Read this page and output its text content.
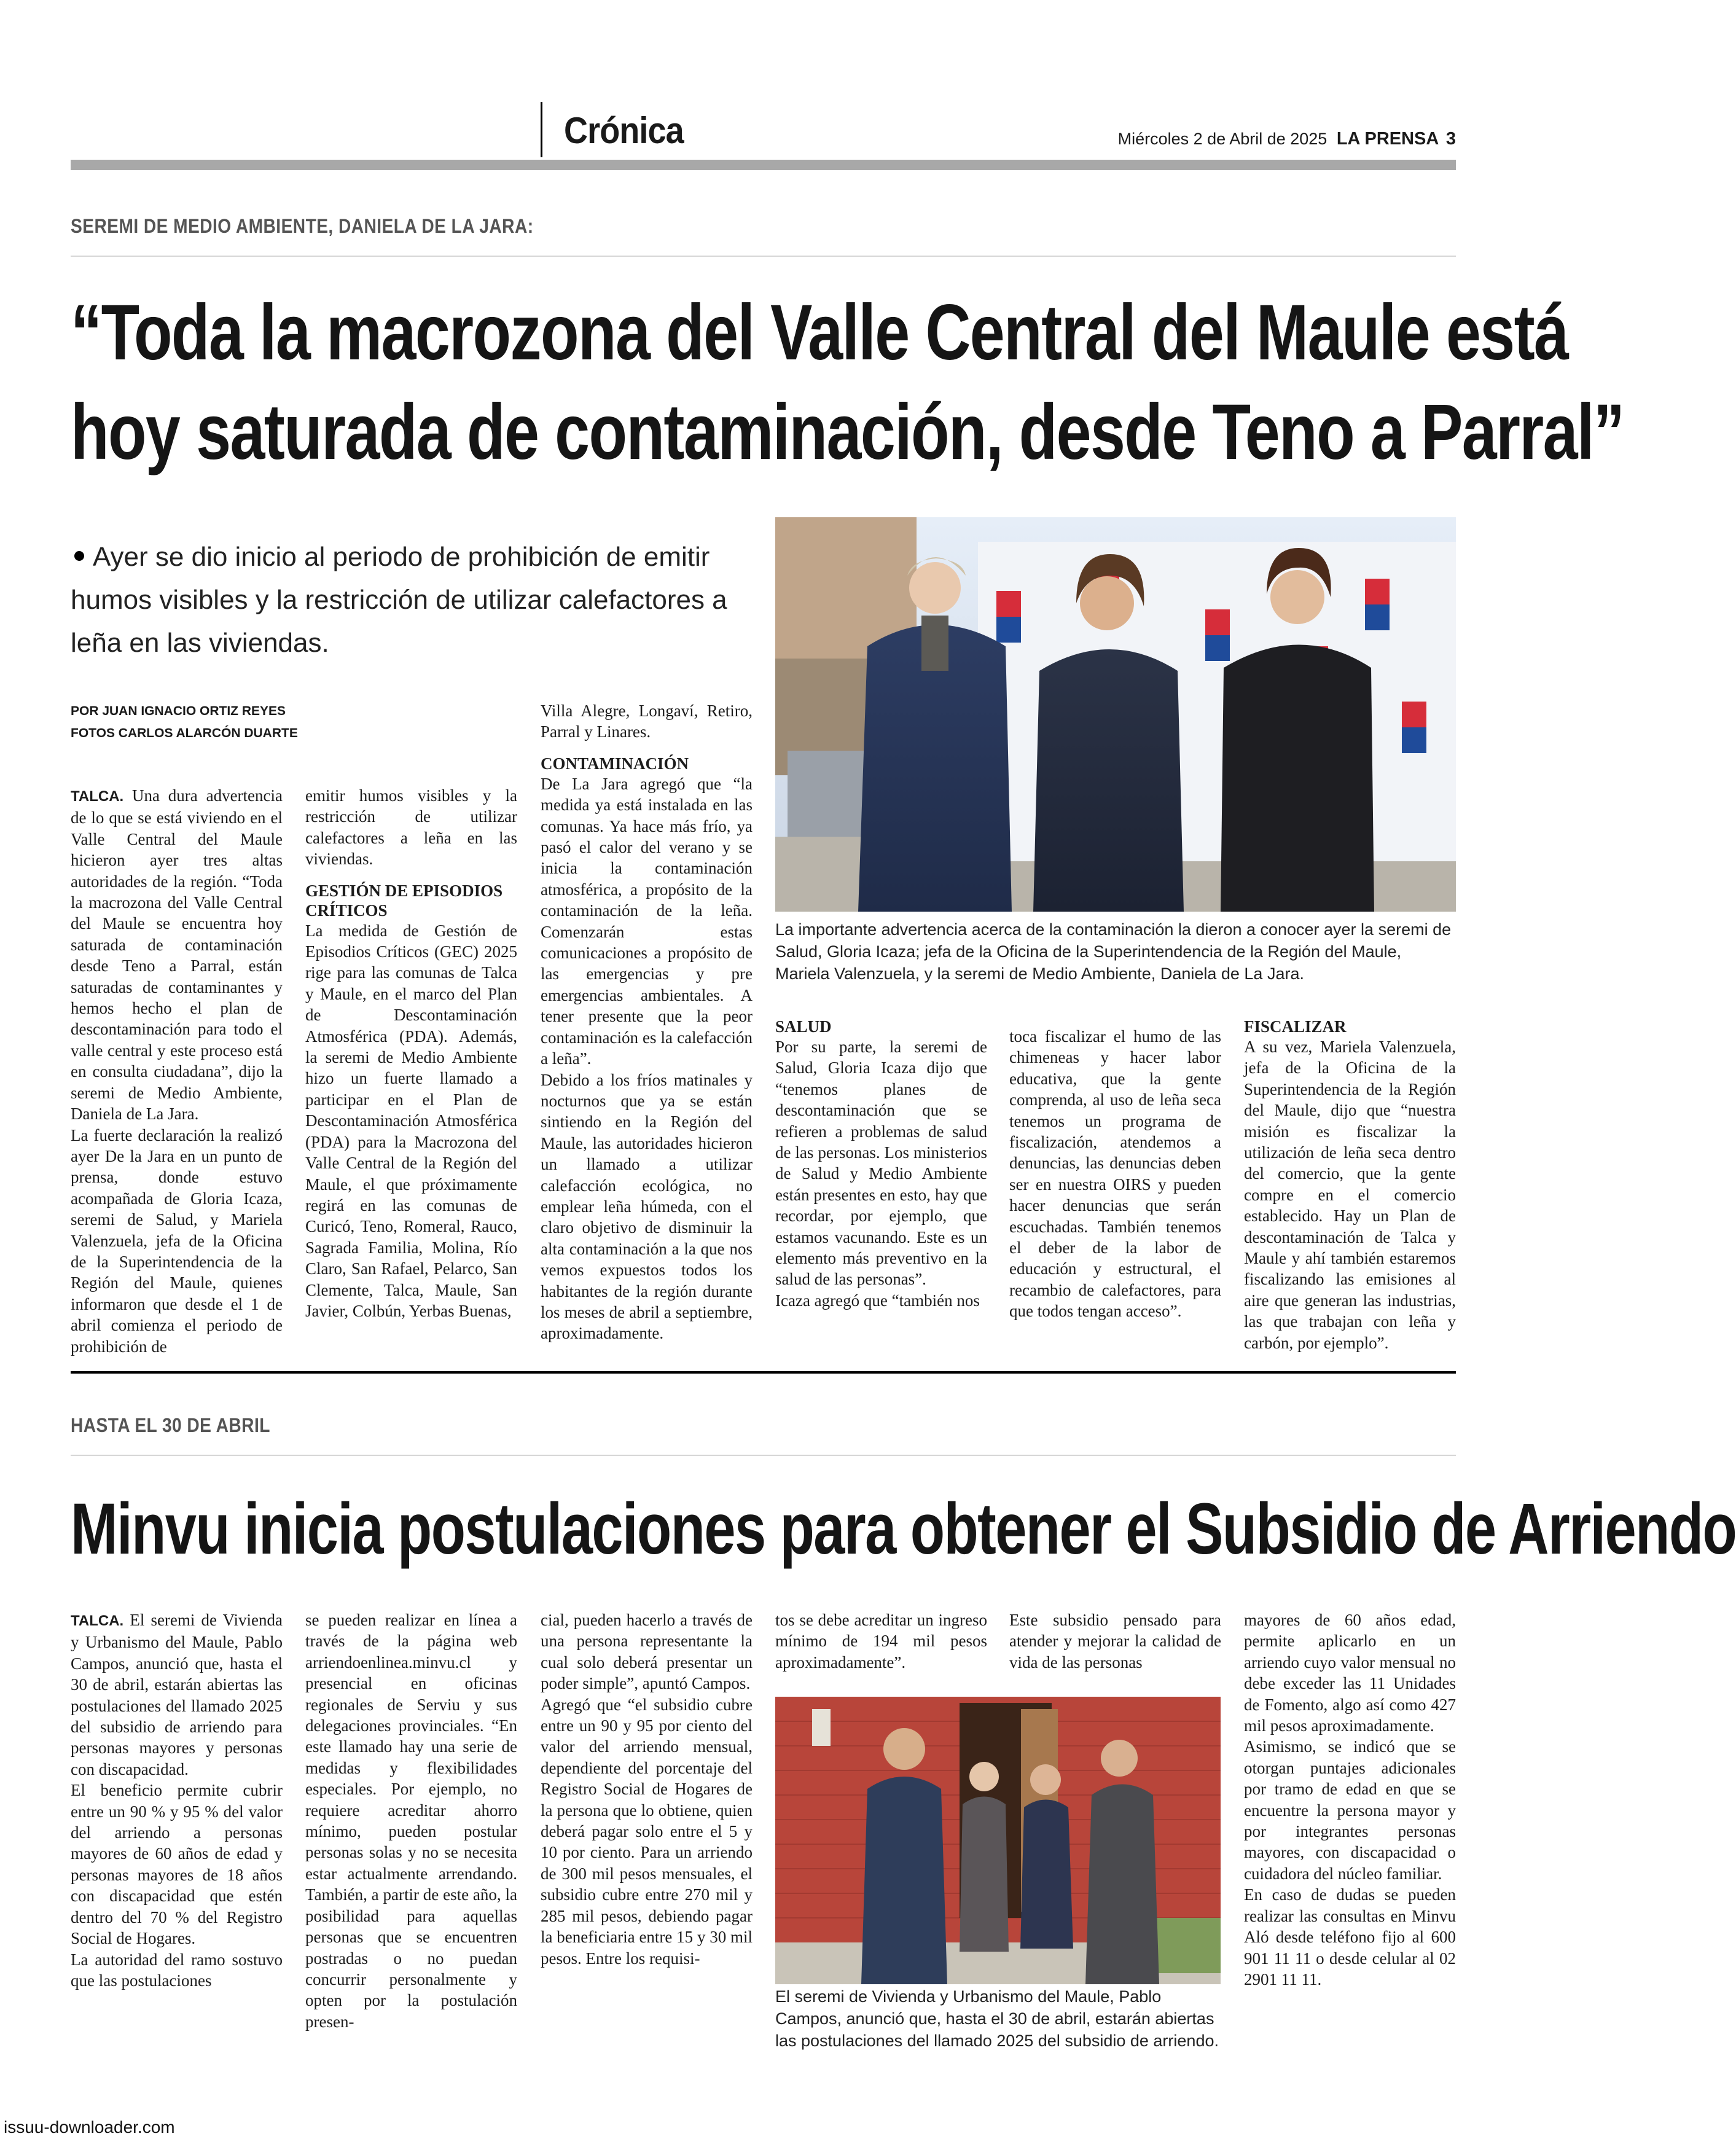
Crónica	Miércoles 2 de Abril de 2025 LA PRENSA 3
SEREMI DE MEDIO AMBIENTE, DANIELA DE LA JARA:
“Toda la macrozona del Valle Central del Maule está
hoy saturada de contaminación, desde Teno a Parral”
Ayer se dio inicio al periodo de prohibición de emitir humos visibles y la restricción de utilizar calefactores a leña en las viviendas.
POR JUAN IGNACIO ORTIZ REYES
FOTOS CARLOS ALARCÓN DUARTE
La importante advertencia acerca de la contaminación la dieron a conocer ayer la seremi de Salud, Gloria Icaza; jefa de la Oficina de la Superintendencia de la Región del Maule, Mariela Valenzuela, y la seremi de Medio Ambiente, Daniela de La Jara.

TALCA. Una dura advertencia de lo que se está viviendo en el Valle Central del Maule hicieron ayer tres altas autoridades de la región. “Toda la macrozona del Valle Central del Maule se encuentra hoy saturada de contaminación desde Teno a Parral, están saturadas de contaminantes y hemos hecho el plan de descontaminación para todo el valle central y este proceso está en consulta ciudadana”, dijo la seremi de Medio Ambiente, Daniela de La Jara.

La fuerte declaración la realizó ayer De la Jara en un punto de prensa, donde estuvo acompañada de Gloria Icaza, seremi de Salud, y Mariela Valenzuela, jefa de la Oficina de la Superintendencia de la Región del Maule, quienes informaron que desde el 1 de abril comienza el periodo de prohibición de

emitir humos visibles y la restricción de utilizar calefactores a leña en las viviendas.

GESTIÓN DE EPISODIOS CRÍTICOS

La medida de Gestión de Episodios Críticos (GEC) 2025 rige para las comunas de Talca y Maule, en el marco del Plan de Descontaminación Atmosférica (PDA). Además, la seremi de Medio Ambiente hizo un fuerte llamado a participar en el Plan de Descontaminación Atmosférica (PDA) para la Macrozona del Valle Central de la Región del Maule, el que próximamente regirá en las comunas de Curicó, Teno, Romeral, Rauco, Sagrada Familia, Molina, Río Claro, San Rafael, Pelarco, San Clemente, Talca, Maule, San Javier, Colbún, Yerbas Buenas,

Villa Alegre, Longaví, Retiro, Parral y Linares.

CONTAMINACIÓN

De La Jara agregó que “la medida ya está instalada en las comunas. Ya hace más frío, ya pasó el calor del verano y se inicia la contaminación atmosférica, a propósito de la contaminación de la leña. Comenzarán estas comunicaciones a propósito de las emergencias y pre emergencias ambientales. A tener presente que la peor contaminación es la calefacción a leña”.

Debido a los fríos matinales y nocturnos que ya se están sintiendo en la Región del Maule, las autoridades hicieron un llamado a utilizar calefacción ecológica, no emplear leña húmeda, con el claro objetivo de disminuir la alta contaminación a la que nos vemos expuestos todos los habitantes de la región durante los meses de abril a septiembre, aproximadamente.

SALUD

Por su parte, la seremi de Salud, Gloria Icaza dijo que “tenemos planes de descontaminación que se refieren a problemas de salud de las personas. Los ministerios de Salud y Medio Ambiente están presentes en esto, hay que recordar, por ejemplo, que estamos vacunando. Este es un elemento más preventivo en la salud de las personas”.

Icaza agregó que “también nos

toca fiscalizar el humo de las chimeneas y hacer labor educativa, que la gente comprenda, al uso de leña seca tenemos un programa de fiscalización, atendemos a denuncias, las denuncias deben ser en nuestra OIRS y pueden hacer denuncias que serán escuchadas. También tenemos el deber de la labor de educación y estructural, el recambio de calefactores, para que todos tengan acceso”.

FISCALIZAR

A su vez, Mariela Valenzuela, jefa de la Oficina de la Superintendencia de la Región del Maule, dijo que “nuestra misión es fiscalizar la utilización de leña seca dentro del comercio, que la gente compre en el comercio establecido. Hay un Plan de descontaminación de Talca y Maule y ahí también estaremos fiscalizando las emisiones al aire que generan las industrias, las que trabajan con leña y carbón, por ejemplo”.

HASTA EL 30 DE ABRIL
Minvu inicia postulaciones para obtener el Subsidio de Arriendo

TALCA. El seremi de Vivienda y Urbanismo del Maule, Pablo Campos, anunció que, hasta el 30 de abril, estarán abiertas las postulaciones del llamado 2025 del subsidio de arriendo para personas mayores y personas con discapacidad.

El beneficio permite cubrir entre un 90 % y 95 % del valor del arriendo a personas mayores de 60 años de edad y personas mayores de 18 años con discapacidad que estén dentro del 70 % del Registro Social de Hogares.

La autoridad del ramo sostuvo que las postulaciones

se pueden realizar en línea a través de la página web arriendoenlinea.minvu.cl y presencial en oficinas regionales de Serviu y sus delegaciones provinciales. “En este llamado hay una serie de medidas y flexibilidades especiales. Por ejemplo, no requiere acreditar ahorro mínimo, pueden postular personas solas y no se necesita estar actualmente arrendando. También, a partir de este año, la posibilidad para aquellas personas que se encuentren postradas o no puedan concurrir personalmente y opten por la postulación presen-

cial, pueden hacerlo a través de una persona representante la cual solo deberá presentar un poder simple”, apuntó Campos.

Agregó que “el subsidio cubre entre un 90 y 95 por ciento del valor del arriendo mensual, dependiente del porcentaje del Registro Social de Hogares de la persona que lo obtiene, quien deberá pagar solo entre el 5 y 10 por ciento. Para un arriendo de 300 mil pesos mensuales, el subsidio cubre entre 270 mil y 285 mil pesos, debiendo pagar la beneficiaria entre 15 y 30 mil pesos. Entre los requisi-

tos se debe acreditar un ingreso mínimo de 194 mil pesos aproximadamente”.

Este subsidio pensado para atender y mejorar la calidad de vida de las personas

mayores de 60 años edad, permite aplicarlo en un arriendo cuyo valor mensual no debe exceder las 11 Unidades de Fomento, algo así como 427 mil pesos aproximadamente.

Asimismo, se indicó que se otorgan puntajes adicionales por tramo de edad en que se encuentre la persona mayor y por integrantes personas mayores, con discapacidad o cuidadora del núcleo familiar.

En caso de dudas se pueden realizar las consultas en Minvu Aló desde teléfono fijo al 600 901 11 11 o desde celular al 02 2901 11 11.

El seremi de Vivienda y Urbanismo del Maule, Pablo Campos, anunció que, hasta el 30 de abril, estarán abiertas las postulaciones del llamado 2025 del subsidio de arriendo.
issuu-downloader.com
